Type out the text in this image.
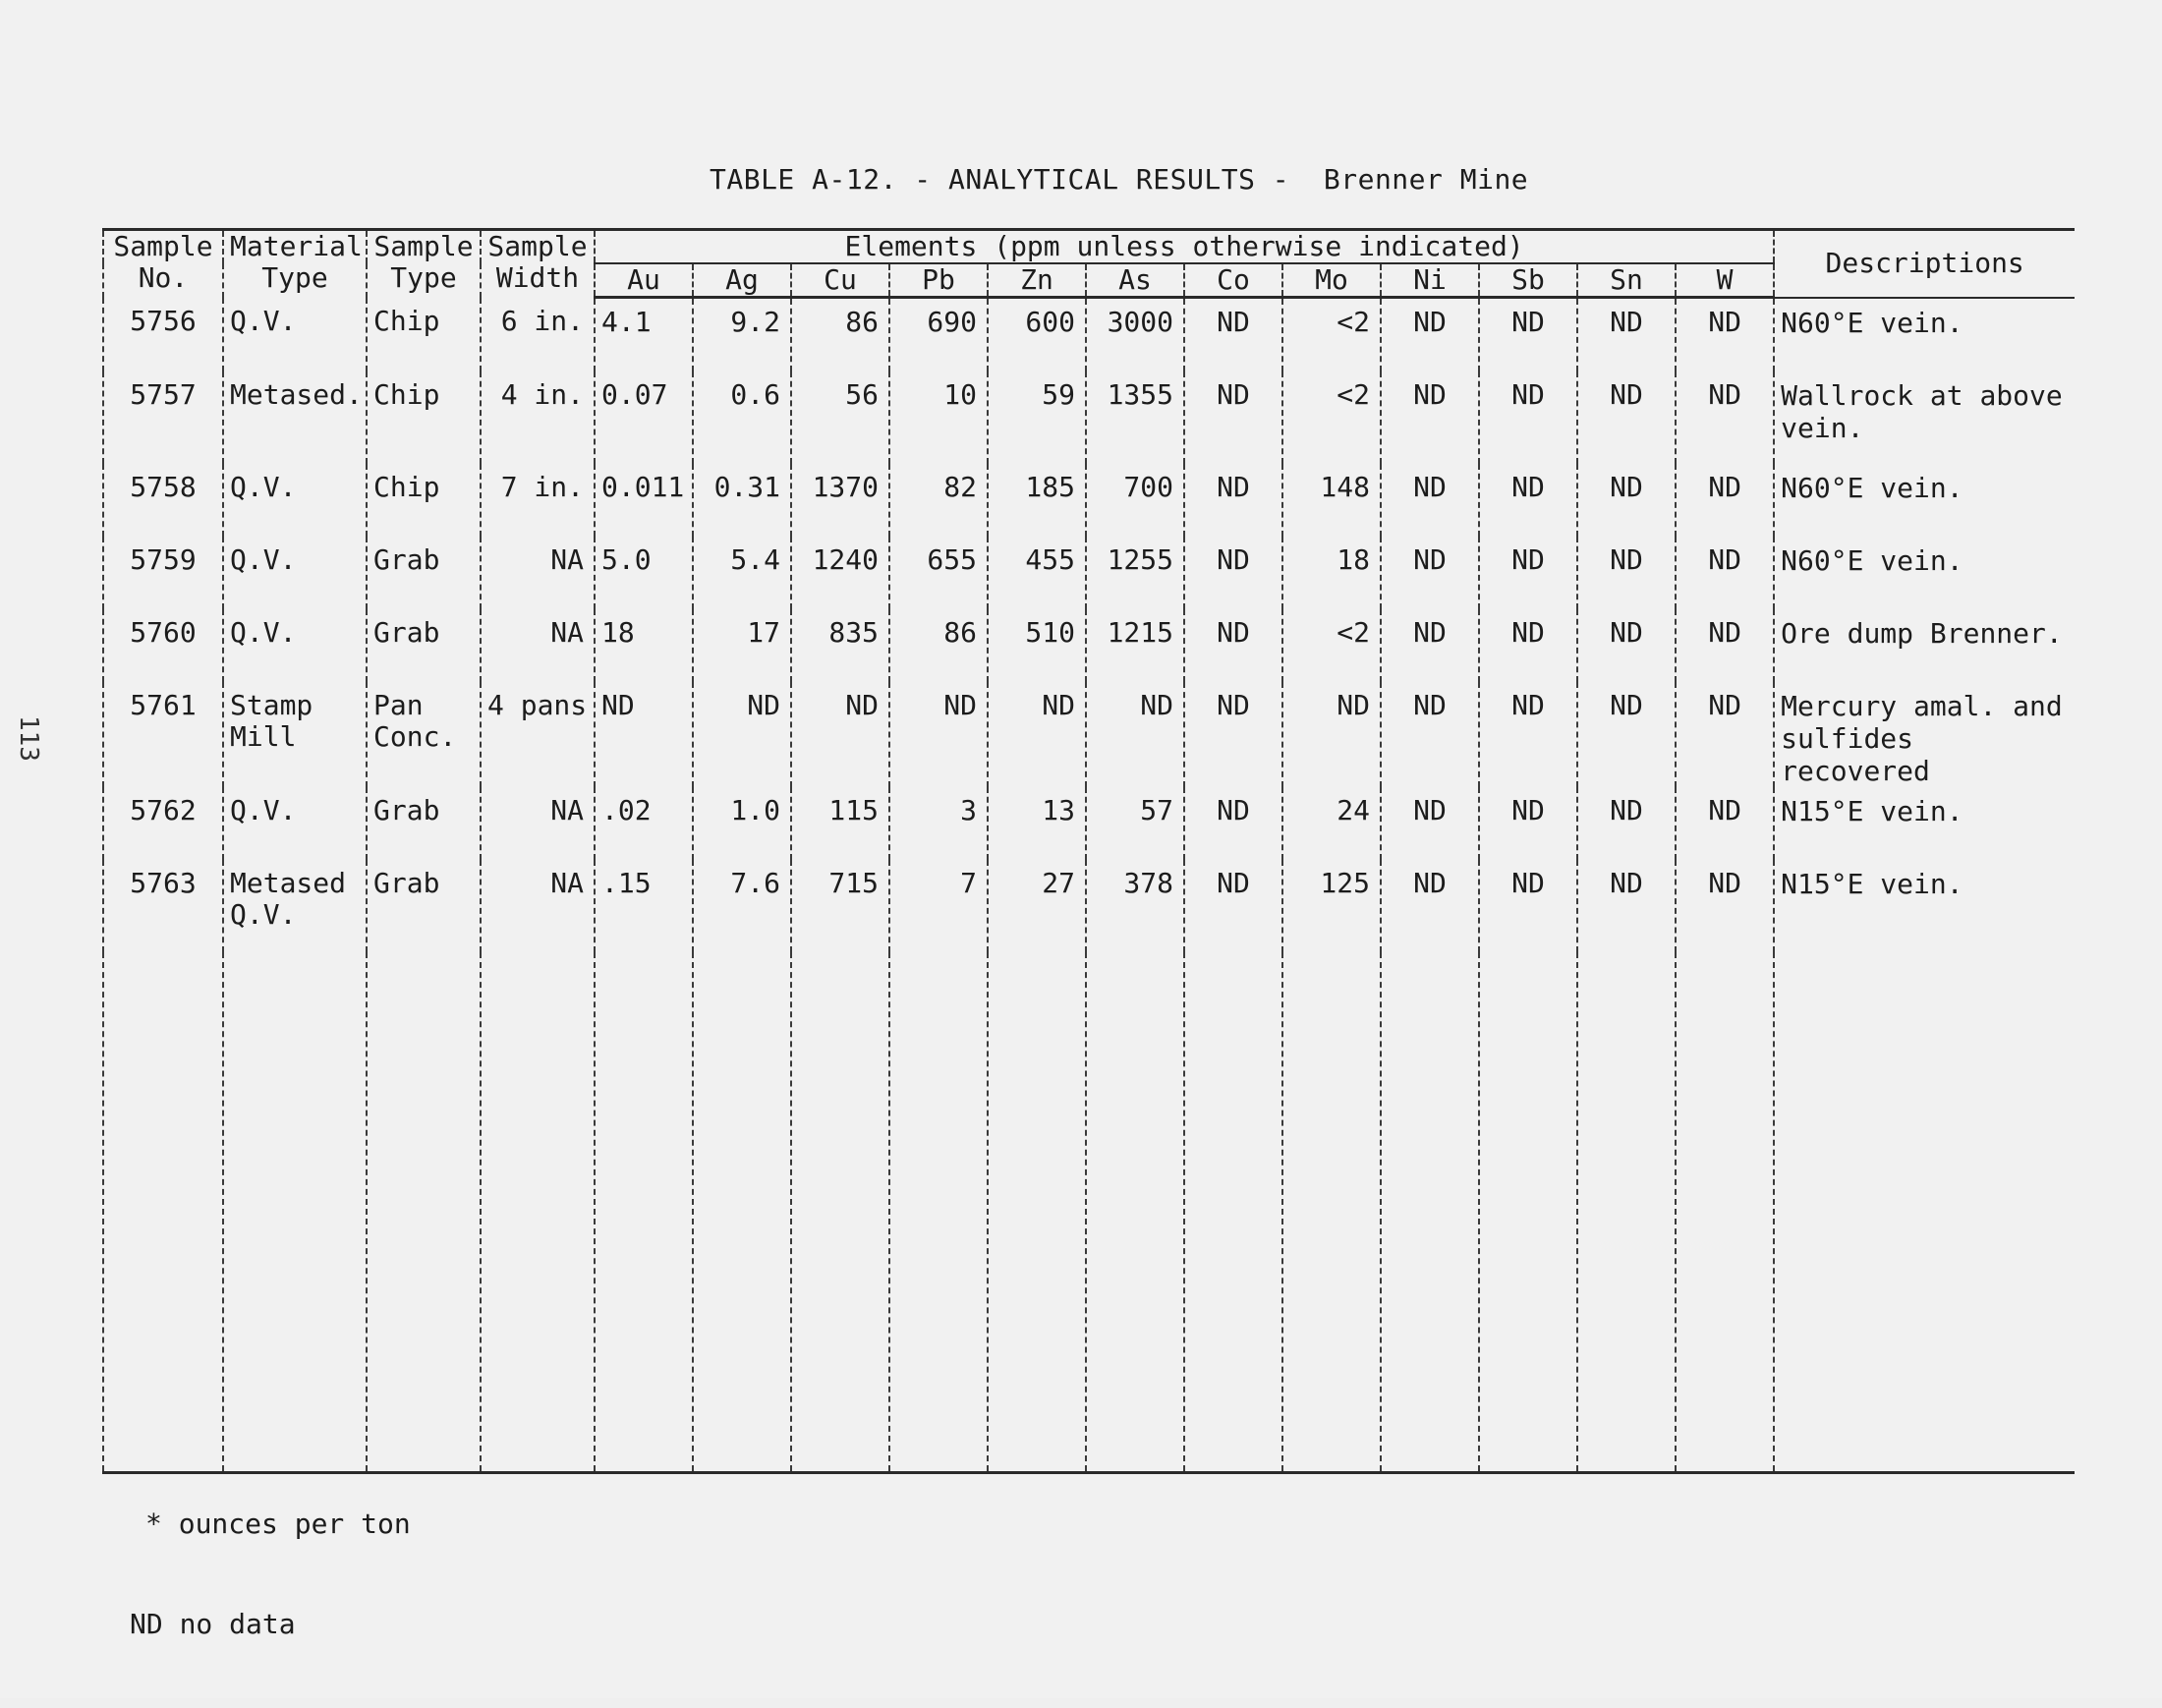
113
TABLE A-12. - ANALYTICAL RESULTS - Brenner Mine
Sample No.	Material Type	Sample Type	Sample Width	Elements (ppm unless otherwise indicated)												Descriptions
				Au	Ag	Cu	Pb	Zn	As	Co	Mo	Ni	Sb	Sn	W	
5756	Q.V.	Chip	6 in.	4.1	9.2	86	690	600	3000	ND	<2	ND	ND	ND	ND	N60°E vein.
5757	Metased.	Chip	4 in.	0.07	0.6	56	10	59	1355	ND	<2	ND	ND	ND	ND	Wallrock at above vein.
5758	Q.V.	Chip	7 in.	* 0.011	* 0.31	1370	82	185	700	ND	148	ND	ND	ND	ND	N60°E vein.
5759	Q.V.	Grab	NA	5.0	5.4	1240	655	455	1255	ND	18	ND	ND	ND	ND	N60°E vein.
5760	Q.V.	Grab	NA	18	17	835	86	510	1215	ND	<2	ND	ND	ND	ND	Ore dump Brenner.
5761	Stamp Mill	Pan Conc.	4 pans	ND	ND	ND	ND	ND	ND	ND	ND	ND	ND	ND	ND	Mercury amal. and sulfides recovered
5762	Q.V.	Grab	NA	.02	1.0	115	3	13	57	ND	24	ND	ND	ND	ND	N15°E vein.
5763	Metased Q.V.	Grab	NA	.15	7.6	715	7	27	378	ND	125	ND	ND	ND	ND	N15°E vein.

* ounces per ton

ND no data
